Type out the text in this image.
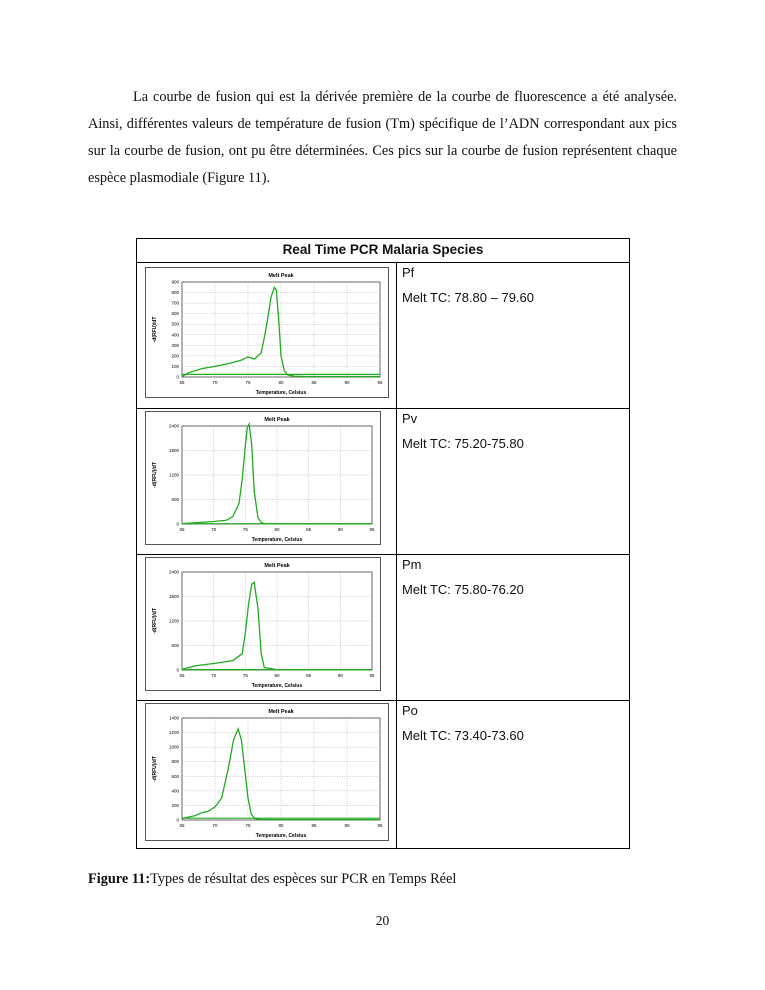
La courbe de fusion qui est la dérivée première de la courbe de fluorescence a été analysée. Ainsi, différentes valeurs de température de fusion (Tm) spécifique de l’ADN correspondant aux pics sur la courbe de fusion, ont pu être déterminées. Ces pics sur la courbe de fusion représentent chaque espèce plasmodiale (Figure 11).

Real Time PCR Malaria Species
Melt Peak
65	70	75	80	85	90	95
0
100
200
300
400
500
600
700
800
900
Temperature, Celsius
-d(RFU)/dT
Pf
Melt TC: 78.80 – 79.60
Melt Peak
65	70	75	80	85	90	95
0
600
1200
1800
2400
Temperature, Celsius
-d(RFU)/dT
Pv
Melt TC: 75.20-75.80
Melt Peak
65	70	75	80	85	90	95
0
600
1200
1800
2400
Temperature, Celsius
-d(RFU)/dT
Pm
Melt TC: 75.80-76.20
Melt Peak
65	70	75	80	85	90	95
0
200
400
600
800
1000
1200
1400
Temperature, Celsius
-d(RFU)/dT
Po
Melt TC: 73.40-73.60
Figure 11:Types de résultat des espèces sur PCR en Temps Réel
20
